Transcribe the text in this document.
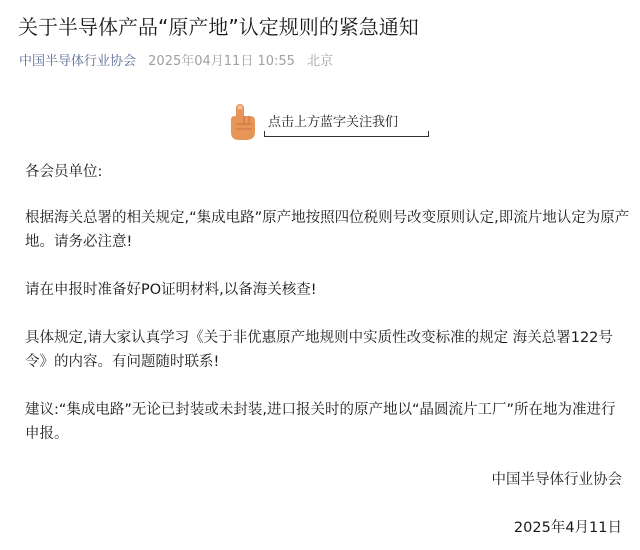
关于半导体产品“原产地”认定规则的紧急通知
中国半导体行业协会 2025年04月11日 10:55 北京
点击上方蓝字关注我们
各会员单位:
根据海关总署的相关规定,“集成电路”原产地按照四位税则号改变原则认定,即流片地认定为原产地。请务必注意!
请在申报时准备好PO证明材料,以备海关核查!
具体规定,请大家认真学习《关于非优惠原产地规则中实质性改变标准的规定 海关总署122号令》的内容。有问题随时联系!
建议:“集成电路”无论已封装或未封装,进口报关时的原产地以“晶圆流片工厂”所在地为准进行申报。
中国半导体行业协会
2025年4月11日
